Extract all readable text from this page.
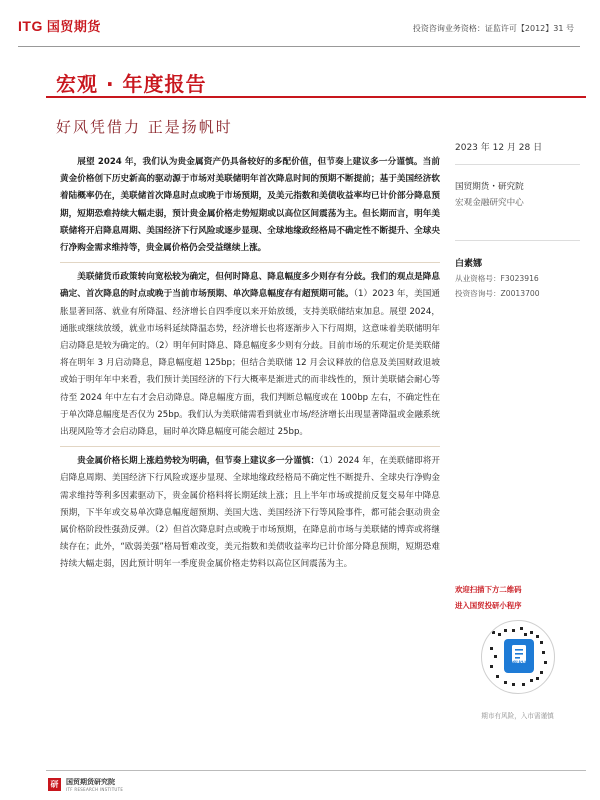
ITG 国贸期货	投资咨询业务资格：证监许可【2012】31 号
宏观 · 年度报告
好风凭借力 正是扬帆时

展望 2024 年，我们认为贵金属资产仍具备较好的多配价值，但节奏上建议多一分谨慎。当前黄金价格创下历史新高的驱动源于市场对美联储明年首次降息时间的预期不断提前；基于美国经济软着陆概率仍在，美联储首次降息时点或晚于市场预期，及美元指数和美债收益率均已计价部分降息预期，短期恐难持续大幅走弱，预计贵金属价格走势短期或以高位区间震荡为主。但长期而言，明年美联储将开启降息周期、美国经济下行风险或逐步显现、全球地缘政经格局不确定性不断提升、全球央行净购金需求维持等，贵金属价格仍会受益继续上涨。

美联储货币政策转向宽松较为确定，但何时降息、降息幅度多少则存有分歧。我们的观点是降息确定、首次降息的时点或晚于当前市场预期、单次降息幅度存有超预期可能。（1）2023 年，美国通胀显著回落、就业有所降温、经济增长自四季度以来开始放缓，支持美联储结束加息。展望 2024，通胀或继续放缓，就业市场料延续降温态势，经济增长也将逐渐步入下行周期，这意味着美联储明年启动降息是较为确定的。（2）明年何时降息、降息幅度多少则有分歧。目前市场的乐观定价是美联储将在明年 3 月启动降息，降息幅度超 125bp；但结合美联储 12 月会议释放的信息及美国财政退坡或始于明年年中来看，我们预计美国经济的下行大概率是渐进式的而非线性的，预计美联储会耐心等待至 2024 年中左右才会启动降息。降息幅度方面，我们判断总幅度或在 100bp 左右，不确定性在于单次降息幅度是否仅为 25bp。我们认为美联储需看到就业市场/经济增长出现显著降温或金融系统出现风险等才会启动降息，届时单次降息幅度可能会超过 25bp。

贵金属价格长期上涨趋势较为明确，但节奏上建议多一分谨慎：（1）2024 年，在美联储即将开启降息周期、美国经济下行风险或逐步显现、全球地缘政经格局不确定性不断提升、全球央行净购金需求维持等利多因素驱动下，贵金属价格料将长期延续上涨；且上半年市场或提前反复交易年中降息预期，下半年或交易单次降息幅度超预期、美国大选、美国经济下行等风险事件，都可能会驱动贵金属价格阶段性强劲反弹。（2）但首次降息时点或晚于市场预期，在降息前市场与美联储的博弈或将继续存在；此外，“欧弱美强”格局暂难改变，美元指数和美债收益率均已计价部分降息预期，短期恐难持续大幅走弱，因此预计明年一季度贵金属价格走势料以高位区间震荡为主。

2023 年 12 月 28 日
国贸期货・研究院
宏观金融研究中心
白素娜
从业资格号：F3023916
投资咨询号：Z0013700
欢迎扫描下方二维码
进入国贸投研小程序
国贸投研
期市有风险，入市需谨慎
研	国贸期货研究院
ITF RESEARCH INSTITUTE
